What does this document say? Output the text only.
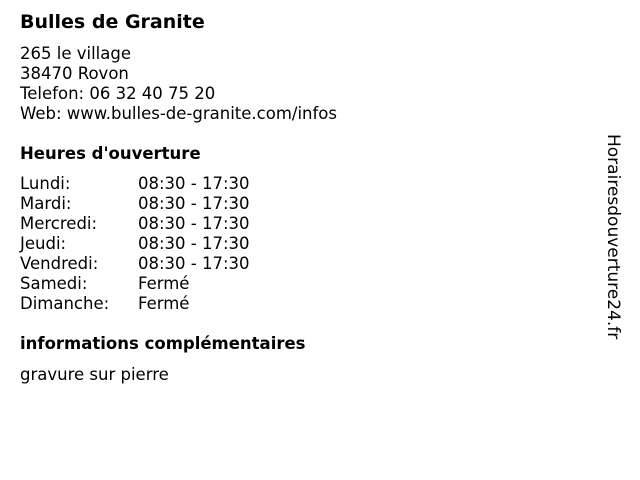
Bulles de Granite
265 le village
38470 Rovon
Telefon: 06 32 40 75 20
Web: www.bulles-de-granite.com/infos
Heures d'ouverture
Lundi:	08:30 - 17:30
Mardi:	08:30 - 17:30
Mercredi:	08:30 - 17:30
Jeudi:	08:30 - 17:30
Vendredi:	08:30 - 17:30
Samedi:	Fermé
Dimanche:	Fermé
informations complémentaires
gravure sur pierre
Horairesdouverture24.fr
